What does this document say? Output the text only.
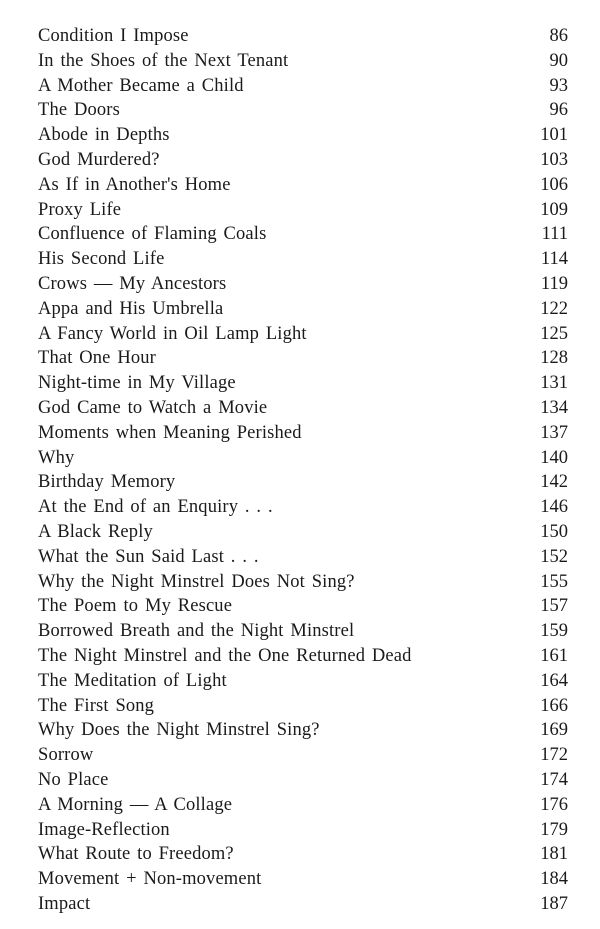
Condition I Impose	86
In the Shoes of the Next Tenant	90
A Mother Became a Child	93
The Doors	96
Abode in Depths	101
God Murdered?	103
As If in Another's Home	106
Proxy Life	109
Confluence of Flaming Coals	111
His Second Life	114
Crows — My Ancestors	119
Appa and His Umbrella	122
A Fancy World in Oil Lamp Light	125
That One Hour	128
Night-time in My Village	131
God Came to Watch a Movie	134
Moments when Meaning Perished	137
Why	140
Birthday Memory	142
At the End of an Enquiry . . .	146
A Black Reply	150
What the Sun Said Last . . .	152
Why the Night Minstrel Does Not Sing?	155
The Poem to My Rescue	157
Borrowed Breath and the Night Minstrel	159
The Night Minstrel and the One Returned Dead	161
The Meditation of Light	164
The First Song	166
Why Does the Night Minstrel Sing?	169
Sorrow	172
No Place	174
A Morning — A Collage	176
Image-Reflection	179
What Route to Freedom?	181
Movement + Non-movement	184
Impact	187
